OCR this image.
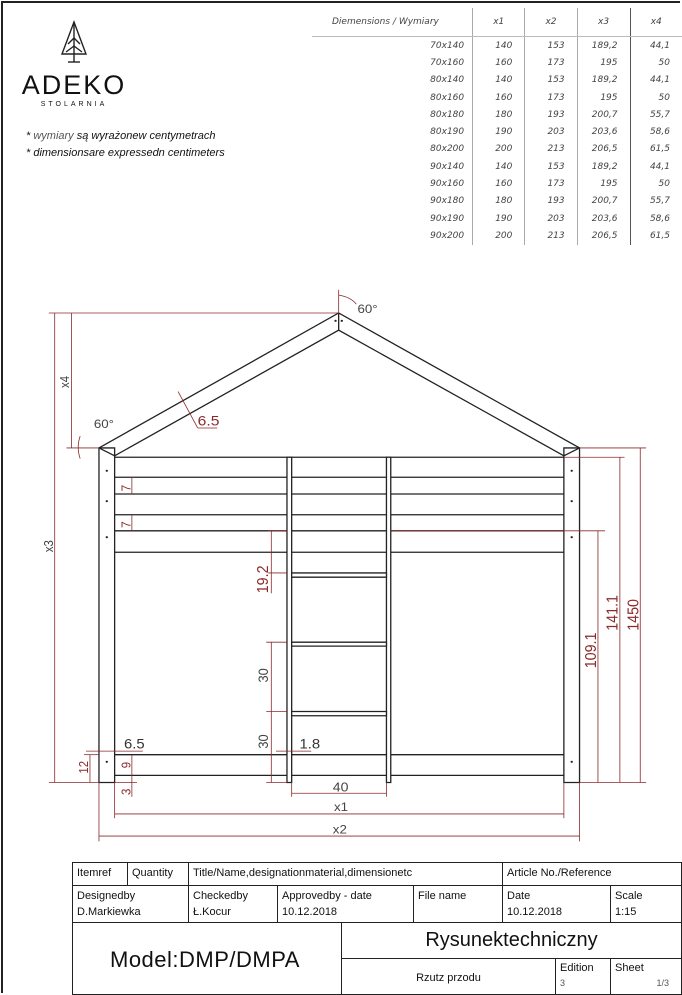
ADEKO
STOLARNIA
* wymiary są wyrażonew centymetrach
* dimensionsare expressedn centimeters
Diemensions / Wymiary	x1	x2	x3	x4
70x140	140	153	189,2	44,1
70x160	160	173	195	50
80x140	140	153	189,2	44,1
80x160	160	173	195	50
80x180	180	193	200,7	55,7
80x190	190	203	203,6	58,6
80x200	200	213	206,5	61,5
90x140	140	153	189,2	44,1
90x160	160	173	195	50
90x180	180	193	200,7	55,7
90x190	190	203	203,6	58,6
90x200	200	213	206,5	61,5
60°
60° 6.5
x4
x3
40
x1
x2
7
7
19.2
30
30
1450
141.1
109.1
6.5	1.8
12 9
3
Itemref	Quantity	Title/Name,designationmaterial,dimensionetc	Article No./Reference
Designedby
D.Markiewka
Checkedby
Ł.Kocur
Approvedby - date
10.12.2018
File name	Date
10.12.2018
Scale
1:15
Model:DMP/DMPA
Rysunektechniczny
Rzutz przodu
Edition
3
Sheet
1/3
